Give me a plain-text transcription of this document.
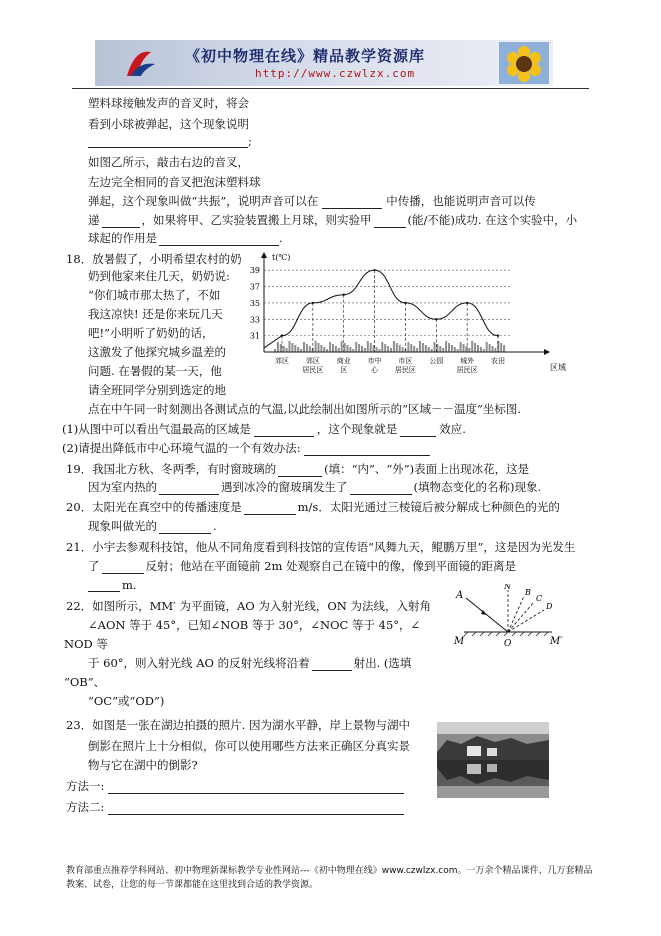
《初中物理在线》精品教学资源库
http://www.czwlzx.com
塑料球接触发声的音叉时，将会
看到小球被弹起，这个现象说明
;
如图乙所示，敲击右边的音叉，
左边完全相同的音叉把泡沫塑料球
弹起，这个现象叫做“共振”，说明声音可以在	中传播，也能说明声音可以传
递	，如果将甲、乙实验装置搬上月球，则实验甲	(能/不能)成功. 在这个实验中，小
球起的作用是	.
18．放暑假了，小明希望农村的奶
奶到他家来住几天，奶奶说:
“你们城市那太热了，不如
我这凉快! 还是你来玩几天
吧!”小明听了奶奶的话，
这激发了他探究城乡温差的
问题. 在暑假的某一天，他
请全班同学分别到选定的地
点在中午同一时刻测出各测试点的气温,以此绘制出如图所示的“区域－－温度”坐标图.
(1)从图中可以看出气温最高的区域是	，这个现象就是	效应.
(2)请提出降低市中心环境气温的一个有效办法:
t(℃)
区域
31
33
35
37
39
郊区	郊区居民区
商业区
市中心
市区居民区
公园	城外居民区
农田
19．我国北方秋、冬两季，有时窗玻璃的	(填：“内”、“外”)表面上出现冰花，这是
因为室内热的	遇到冰冷的窗玻璃发生了	(填物态变化的名称)现象.
20．太阳光在真空中的传播速度是	m/s．太阳光通过三棱镜后被分解成七种颜色的光的
现象叫做光的	.
21．小宇去参观科技馆，他从不同角度看到科技馆的宣传语“风舞九天，鲲鹏万里”，这是因为光发生
了	反射；他站在平面镜前 2m 处观察自己在镜中的像，像到平面镜的距离是
m.
22．如图所示，MM′ 为平面镜，AO 为入射光线，ON 为法线，入射角
∠AON 等于 45°，已知∠NOB 等于 30°，∠NOC 等于 45°，∠
NOD 等
于 60°，则入射光线 AO 的反射光线将沿着	射出. (选填
“OB”、
“OC”或“OD”)
A
N
B
C
D
M	O	M′
23．如图是一张在湖边拍摄的照片. 因为湖水平静，岸上景物与湖中
倒影在照片上十分相似，你可以使用哪些方法来正确区分真实景
物与它在湖中的倒影?
方法一:
方法二:
教育部重点推荐学科网站、初中物理新课标教学专业性网站---《初中物理在线》www.czwlzx.com。一万余个精品课件、几万套精品教案、试卷，让您的每一节课都能在这里找到合适的教学资源。
